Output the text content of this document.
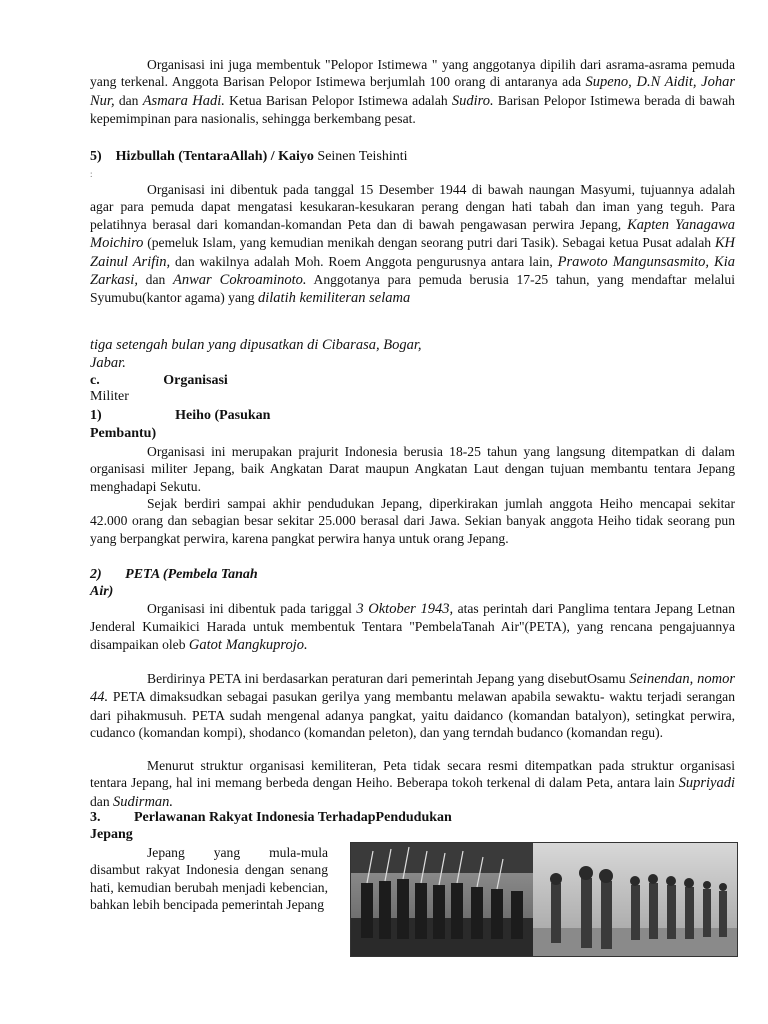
Organisasi ini juga membentuk "Pelopor Istimewa " yang anggotanya dipilih dari asrama-asrama pemuda yang terkenal. Anggota Barisan Pelopor Istimewa berjumlah 100 orang di antaranya ada Supeno, D.N Aidit, Johar Nur, dan Asmara Hadi. Ketua Barisan Pelopor Istimewa adalah Sudiro. Barisan Pelopor Istimewa berada di bawah kepemimpinan para nasionalis, sehingga berkembang pesat.

5) Hizbullah (TentaraAllah) / Kaiyo Seinen Teishinti
:

Organisasi ini dibentuk pada tanggal 15 Desember 1944 di bawah naungan Masyumi, tujuannya adalah agar para pemuda dapat mengatasi kesukaran-kesukaran perang dengan hati tabah dan iman yang teguh. Para pelatihnya berasal dari komandan-komandan Peta dan di bawah pengawasan perwira Jepang, Kapten Yanagawa Moichiro (pemeluk Islam, yang kemudian menikah dengan seorang putri dari Tasik). Sebagai ketua Pusat adalah KH Zainul Arifin, dan wakilnya adalah Moh. Roem Anggota pengurusnya antara lain, Prawoto Mangunsasmito, Kia Zarkasi, dan Anwar Cokroaminoto. Anggotanya para pemuda berusia 17-25 tahun, yang mendaftar melalui Syumubu(kantor agama) yang dilatih kemiliteran selama

tiga setengah bulan yang dipusatkan di Cibarasa, Bogar,

Jabar.

c.	Organisasi
Militer
1)	Heiho (Pasukan
Pembantu)

Organisasi ini merupakan prajurit Indonesia berusia 18-25 tahun yang langsung ditempatkan di dalam organisasi militer Jepang, baik Angkatan Darat maupun Angkatan Laut dengan tujuan membantu tentara Jepang menghadapi Sekutu.

Sejak berdiri sampai akhir pendudukan Jepang, diperkirakan jumlah anggota Heiho mencapai sekitar 42.000 orang dan sebagian besar sekitar 25.000 berasal dari Jawa. Sekian banyak anggota Heiho tidak seorang pun yang berpangkat perwira, karena pangkat perwira hanya untuk orang Jepang.

2) PETA (Pembela Tanah
Air)

Organisasi ini dibentuk pada tariggal 3 Oktober 1943, atas perintah dari Panglima tentara Jepang Letnan Jenderal Kumaikici Harada untuk membentuk Tentara "PembelaTanah Air"(PETA), yang rencana pengajuannya disampaikan oleb Gatot Mangkuprojo.

Berdirinya PETA ini berdasarkan peraturan dari pemerintah Jepang yang disebutOsamu Seinendan, nomor 44. PETA dimaksudkan sebagai pasukan gerilya yang membantu melawan apabila sewaktu- waktu terjadi serangan dari pihakmusuh. PETA sudah mengenal adanya pangkat, yaitu daidanco (komandan batalyon), setingkat perwira, cudanco (komandan kompi), shodanco (komandan peleton), dan yang terndah budanco (komandan regu).

Menurut struktur organisasi kemiliteran, Peta tidak secara resmi ditempatkan pada struktur organisasi tentara Jepang, hal ini memang berbeda dengan Heiho. Beberapa tokoh terkenal di dalam Peta, antara lain Supriyadi dan Sudirman.

3. Perlawanan Rakyat Indonesia TerhadapPendudukan
Jepang

Jepang yang mula-mula disambut rakyat Indonesia dengan senang hati, kemudian berubah menjadi kebencian, bahkan lebih bencipada pemerintah Jepang
